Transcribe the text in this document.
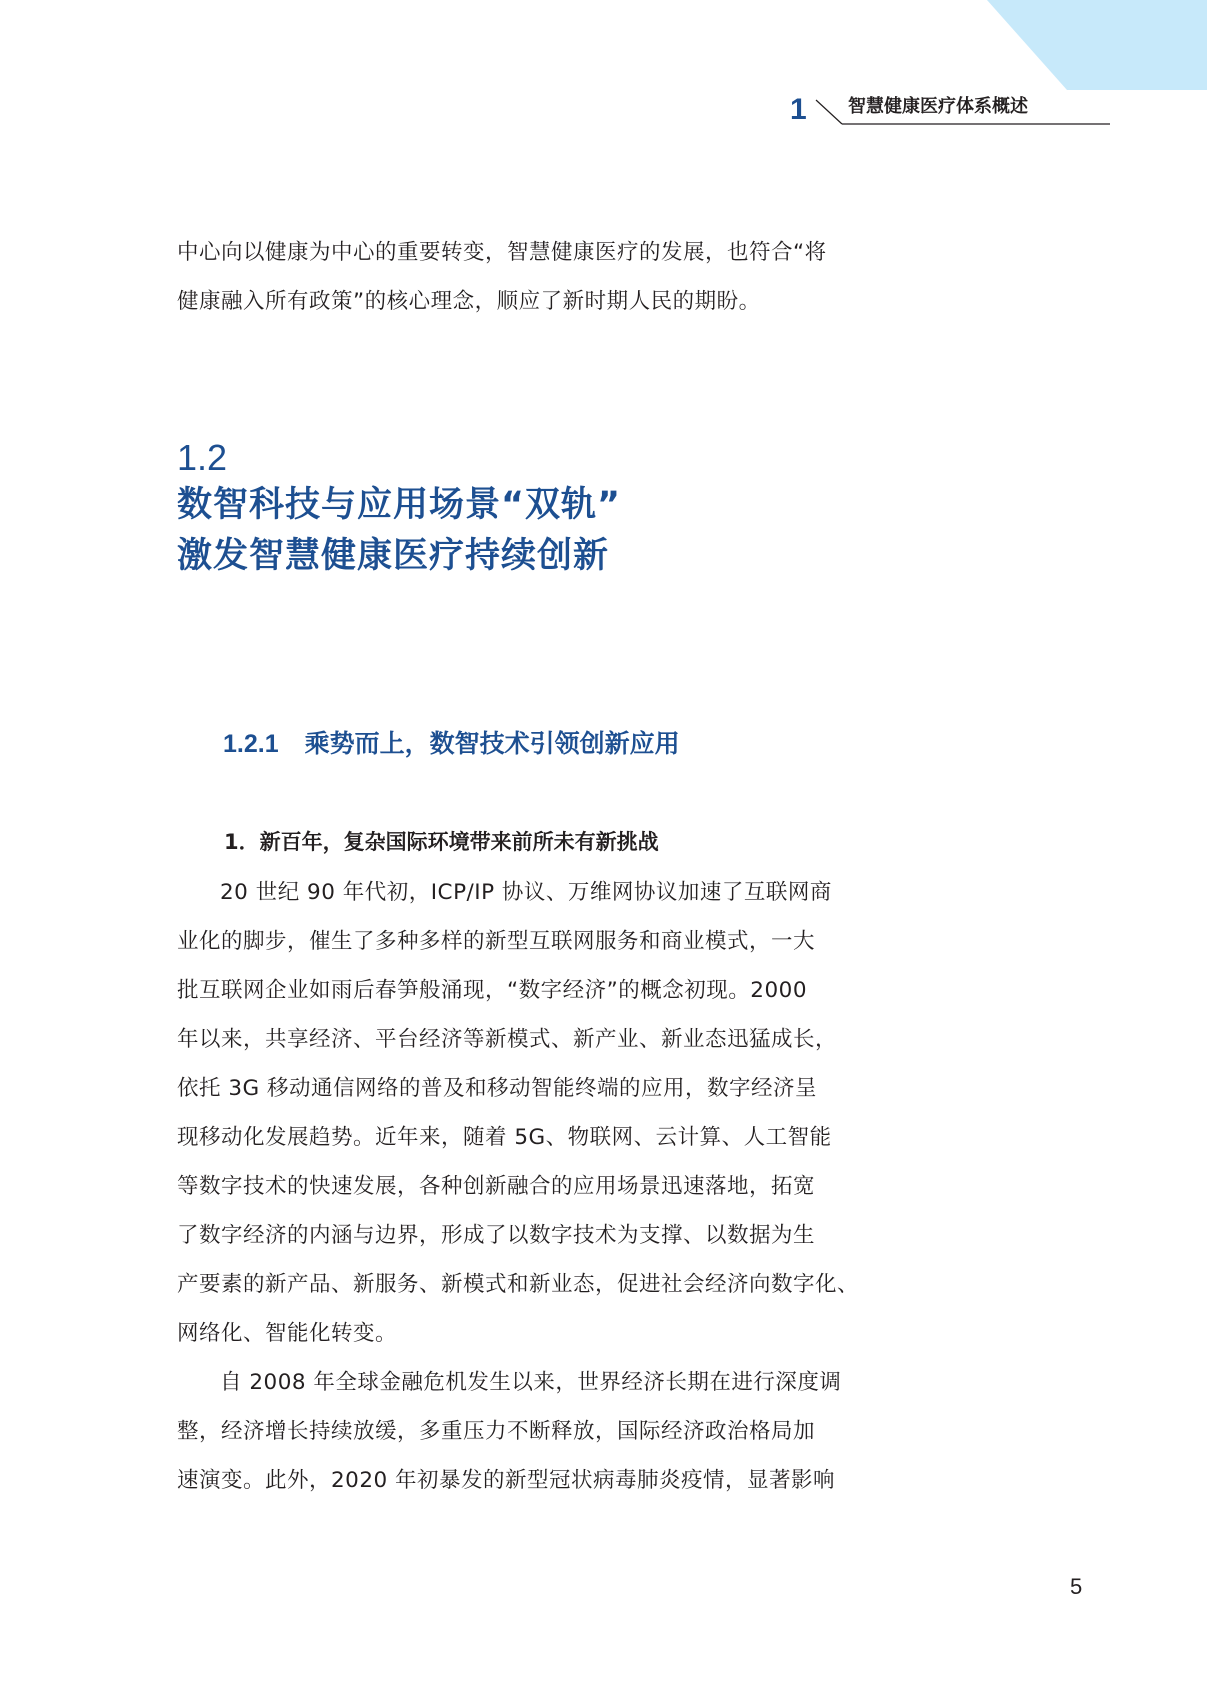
1 智慧健康医疗体系概述

中心向以健康为中心的重要转变，智慧健康医疗的发展，也符合“将

健康融入所有政策”的核心理念，顺应了新时期人民的期盼。

1.2
数智科技与应用场景“双轨”
激发智慧健康医疗持续创新
1.2.1 乘势而上，数智技术引领创新应用
1．新百年，复杂国际环境带来前所未有新挑战

20 世纪 90 年代初，ICP/IP 协议、万维网协议加速了互联网商

业化的脚步，催生了多种多样的新型互联网服务和商业模式，一大

批互联网企业如雨后春笋般涌现，“数字经济”的概念初现。2000

年以来，共享经济、平台经济等新模式、新产业、新业态迅猛成长，

依托 3G 移动通信网络的普及和移动智能终端的应用，数字经济呈

现移动化发展趋势。近年来，随着 5G、物联网、云计算、人工智能

等数字技术的快速发展，各种创新融合的应用场景迅速落地，拓宽

了数字经济的内涵与边界，形成了以数字技术为支撑、以数据为生

产要素的新产品、新服务、新模式和新业态，促进社会经济向数字化、

网络化、智能化转变。

自 2008 年全球金融危机发生以来，世界经济长期在进行深度调

整，经济增长持续放缓，多重压力不断释放，国际经济政治格局加

速演变。此外，2020 年初暴发的新型冠状病毒肺炎疫情，显著影响

5
